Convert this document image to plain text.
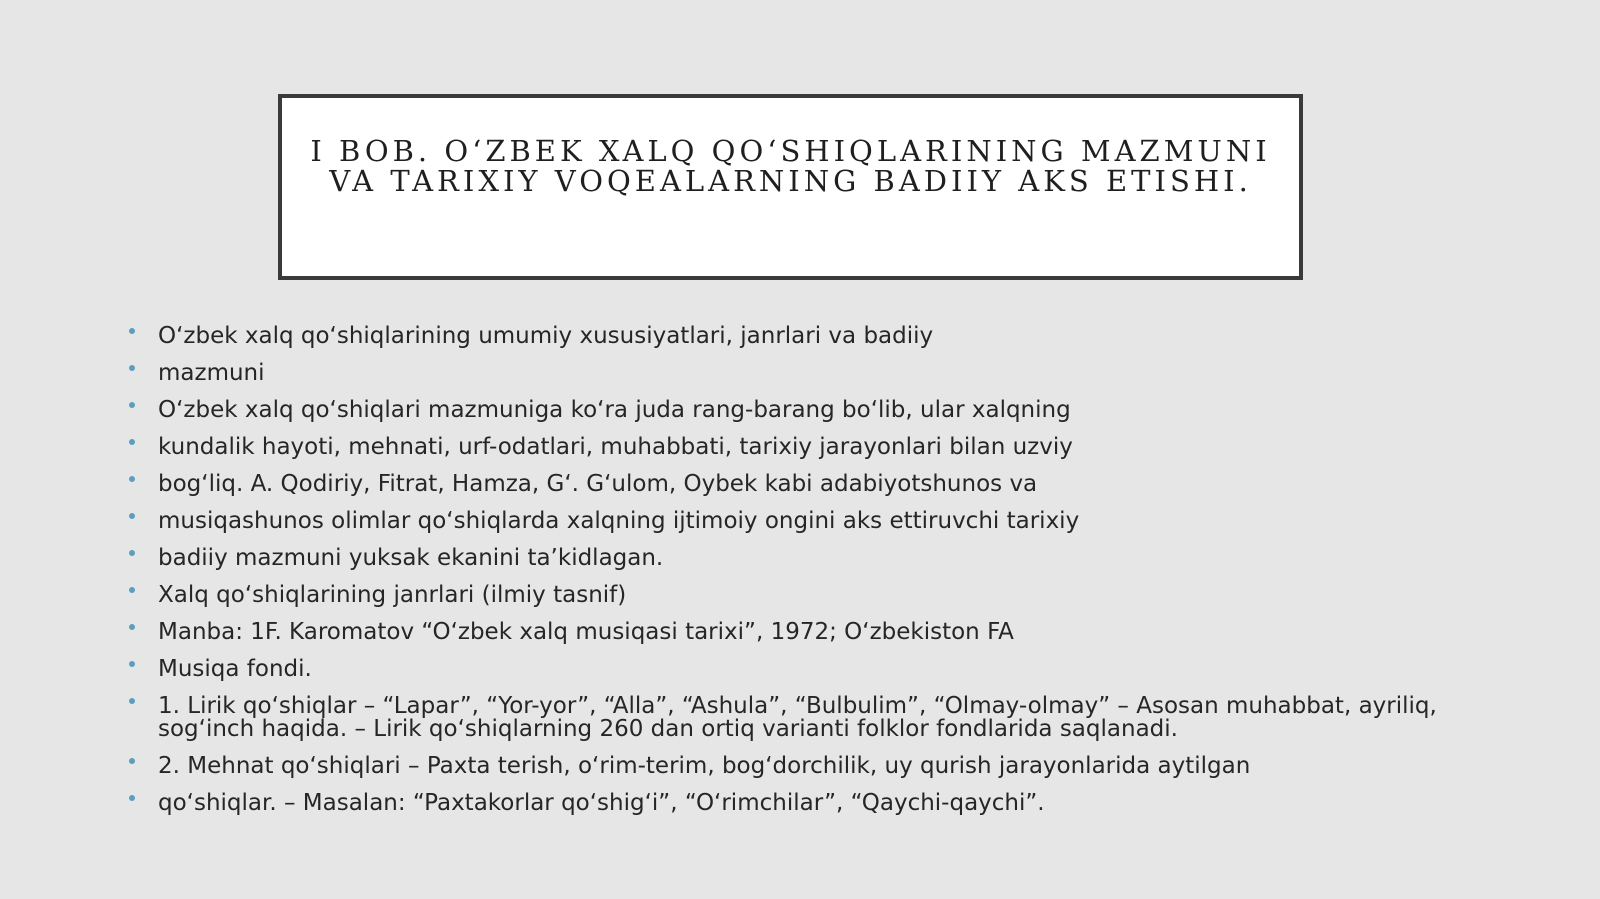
I BOB. O‘ZBEK XALQ QO‘SHIQLARINING MAZMUNI VA TARIXIY VOQEALARNING BADIIY AKS ETISHI.
O‘zbek xalq qo‘shiqlarining umumiy xususiyatlari, janrlari va badiiy
mazmuni
O‘zbek xalq qo‘shiqlari mazmuniga ko‘ra juda rang-barang bo‘lib, ular xalqning
kundalik hayoti, mehnati, urf-odatlari, muhabbati, tarixiy jarayonlari bilan uzviy
bog‘liq. A. Qodiriy, Fitrat, Hamza, G‘. G‘ulom, Oybek kabi adabiyotshunos va
musiqashunos olimlar qo‘shiqlarda xalqning ijtimoiy ongini aks ettiruvchi tarixiy
badiiy mazmuni yuksak ekanini ta’kidlagan.
Xalq qo‘shiqlarining janrlari (ilmiy tasnif)
Manba: 1F. Karomatov “O‘zbek xalq musiqasi tarixi”, 1972; O‘zbekiston FA
Musiqa fondi.
1. Lirik qo‘shiqlar – “Lapar”, “Yor-yor”, “Alla”, “Ashula”, “Bulbulim”, “Olmay-olmay” – Asosan muhabbat, ayriliq, sog‘inch haqida. – Lirik qo‘shiqlarning 260 dan ortiq varianti folklor fondlarida saqlanadi.
2. Mehnat qo‘shiqlari – Paxta terish, o‘rim-terim, bog‘dorchilik, uy qurish jarayonlarida aytilgan
qo‘shiqlar. – Masalan: “Paxtakorlar qo‘shig‘i”, “O‘rimchilar”, “Qaychi-qaychi”.
